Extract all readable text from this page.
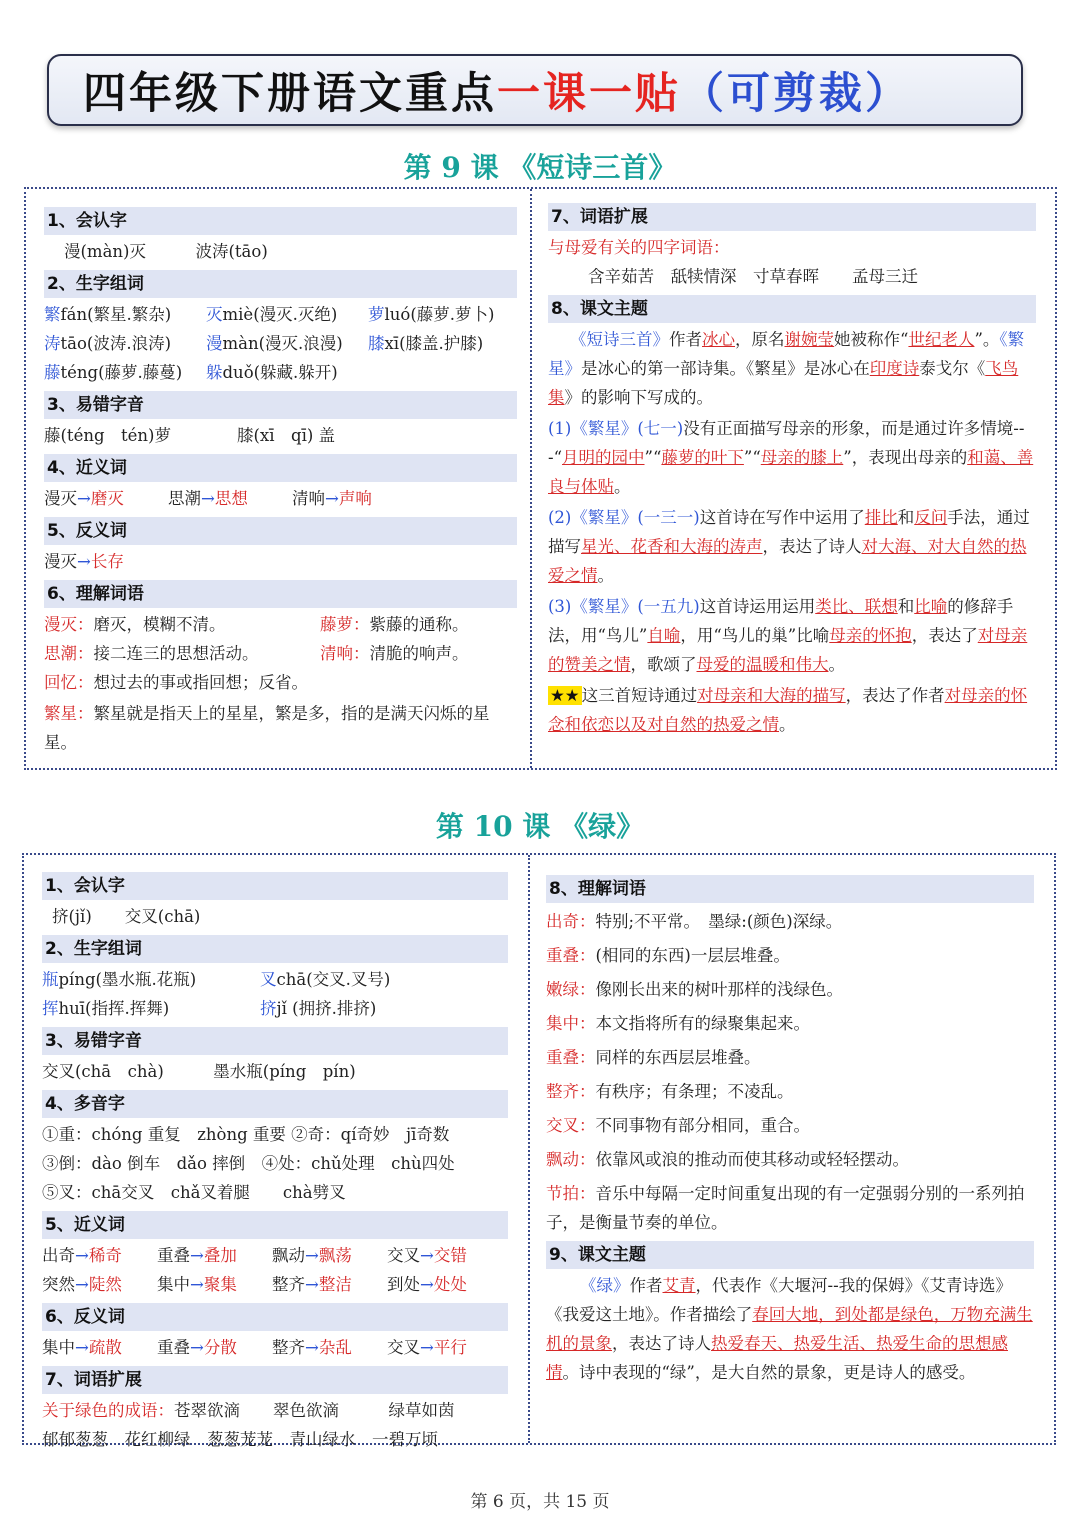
四年级下册语文重点 一课一贴 （可剪裁）
第 9 课 《短诗三首》
1、会认字
漫(màn)灭　　　波涛(tāo)
2、生字组词
繁fán(繁星.繁杂) 灭miè(漫灭.灭绝) 萝luó(藤萝.萝卜)
涛tāo(波涛.浪涛) 漫màn(漫灭.浪漫) 膝xī(膝盖.护膝)
藤téng(藤萝.藤蔓) 躲duǒ(躲藏.躲开)
3、易错字音
藤(téng　tén)萝　　　　膝(xī　qī) 盖
4、近义词
漫灭→磨灭	思潮→思想	清响→声响
5、反义词
漫灭→长存
6、理解词语
漫灭：磨灭，模糊不清。	藤萝：紫藤的通称。
思潮：接二连三的思想活动。	清响：清脆的响声。
回忆：想过去的事或指回想；反省。
繁星：繁星就是指天上的星星，繁是多，指的是满天闪烁的星星。
7、词语扩展
与母爱有关的四字词语：
含辛茹苦　舐犊情深　寸草春晖　　孟母三迁
8、课文主题
《短诗三首》作者冰心，原名谢婉莹她被称作“世纪老人”。《繁星》是冰心的第一部诗集。《繁星》是冰心在印度诗泰戈尔《飞鸟集》的影响下写成的。
(1)《繁星》(七一)没有正面描写母亲的形象，而是通过许多情境---“月明的园中”“藤萝的叶下”“母亲的膝上”，表现出母亲的和蔼、善良与体贴。
(2)《繁星》(一三一)这首诗在写作中运用了排比和反问手法，通过描写星光、花香和大海的涛声，表达了诗人对大海、对大自然的热爱之情。
(3)《繁星》(一五九)这首诗运用运用类比、联想和比喻的修辞手法，用“鸟儿”自喻，用“鸟儿的巢”比喻母亲的怀抱，表达了对母亲的赞美之情，歌颂了母爱的温暖和伟大。
★★ 这三首短诗通过对母亲和大海的描写，表达了作者对母亲的怀念和依恋以及对自然的热爱之情。
第 10 课 《绿》
1、会认字
挤(jǐ)　　交叉(chā)
2、生字组词
瓶píng(墨水瓶.花瓶)	叉chā(交叉.叉号)
挥huī(指挥.挥舞)	挤jǐ (拥挤.排挤)
3、易错字音
交叉(chā　chà)　　　墨水瓶(píng　pín)
4、多音字
①重：chóng 重复　zhòng 重要 ②奇：qí奇妙　jī奇数
③倒：dào 倒车　dǎo 摔倒　④处：chǔ处理　chù四处
⑤叉：chā交叉　chǎ叉着腿　　chà劈叉
5、近义词
出奇→稀奇 重叠→叠加 飘动→飘荡 交叉→交错
突然→陡然 集中→聚集 整齐→整洁 到处→处处
6、反义词
集中→疏散 重叠→分散 整齐→杂乱 交叉→平行
7、词语扩展
关于绿色的成语：苍翠欲滴　　翠色欲滴　　　绿草如茵
郁郁葱葱　花红柳绿　葱葱茏茏　青山绿水　一碧万顷
8、理解词语
出奇：特别;不平常。　墨绿:(颜色)深绿。
重叠：(相同的东西)一层层堆叠。
嫩绿：像刚长出来的树叶那样的浅绿色。
集中：本文指将所有的绿聚集起来。
重叠：同样的东西层层堆叠。
整齐：有秩序；有条理；不凌乱。
交叉：不同事物有部分相同，重合。
飘动：依靠风或浪的推动而使其移动或轻轻摆动。
节拍：音乐中每隔一定时间重复出现的有一定强弱分别的一系列拍子，是衡量节奏的单位。
9、课文主题
《绿》作者艾青，代表作《大堰河--我的保姆》《艾青诗选》《我爱这土地》。作者描绘了春回大地，到处都是绿色，万物充满生机的景象，表达了诗人热爱春天、热爱生活、热爱生命的思想感情。诗中表现的“绿”，是大自然的景象，更是诗人的感受。
第 6 页，共 15 页
